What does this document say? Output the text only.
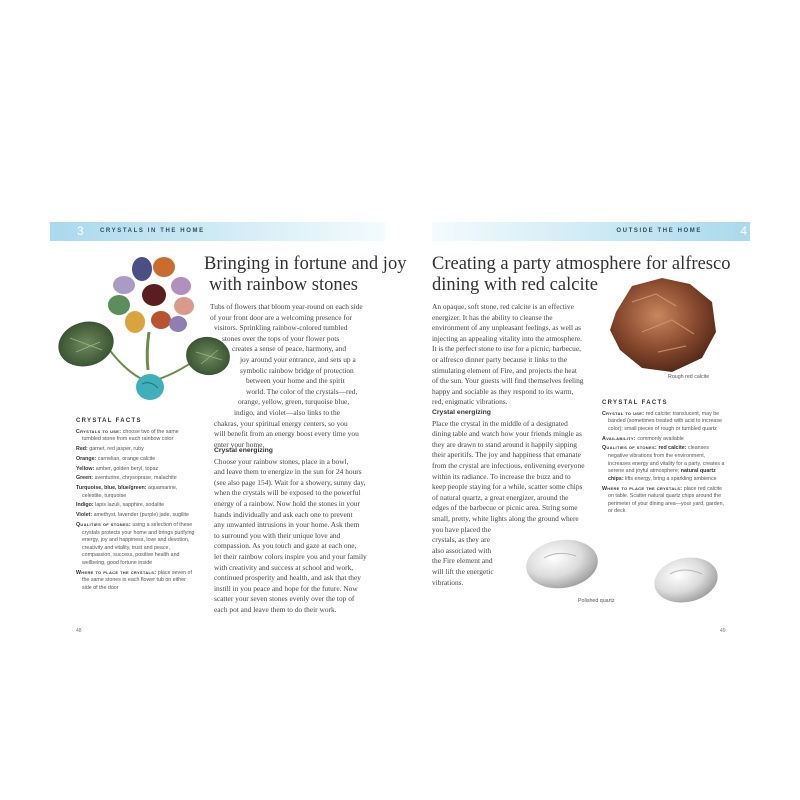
3	CRYSTALS IN THE HOME	OUTSIDE THE HOME	4
Bringing in fortune and joy
with rainbow stones
Tubs of flowers that bloom year-round on each side
of your front door are a welcoming presence for
visitors. Sprinkling rainbow-colored tumbled
stones over the tops of your flower pots
creates a sense of peace, harmony, and
joy around your entrance, and sets up a
symbolic rainbow bridge of protection
between your home and the spirit
world. The color of the crystals—red,
orange, yellow, green, turquoise blue,
indigo, and violet—also links to the
chakras, your spiritual energy centers, so you
will benefit from an energy boost every time you
enter your home.

Crystal energizing

Choose your rainbow stones, place in a bowl,
and leave them to energize in the sun for 24 hours
(see also page 154). Wait for a showery, sunny day,
when the crystals will be exposed to the powerful
energy of a rainbow. Now hold the stones in your
hands individually and ask each one to prevent
any unwanted intrusions in your home. Ask them
to surround you with their unique love and
compassion. As you touch and gaze at each one,
let their rainbow colors inspire you and your family
with creativity and success at school and work,
continued prosperity and health, and ask that they
instill in you peace and hope for the future. Now
scatter your seven stones evenly over the top of
each pot and leave them to do their work.
CRYSTAL FACTS

Crystals to use: choose two of the same tumbled stone from each rainbow color

Red: garnet, red jasper, ruby

Orange: carnelian, orange calcite

Yellow: amber, golden beryl, topaz

Green: aventurine, chrysoprase, malachite

Turquoise, blue, blue/green: aquamarine, celestite, turquoise

Indigo: lapis lazuli, sapphire, sodalite

Violet: amethyst, lavender (purple) jade, sugilite

Qualities of stones: using a selection of these crystals protects your home and brings purifying energy, joy and happiness, love and devotion, creativity and vitality, trust and peace, compassion, success, positive health and wellbeing, good fortune inside

Where to place the crystals: place seven of the same stones in each flower tub on either side of the door

48
Creating a party atmosphere for alfresco
dining with red calcite
An opaque, soft stone, red calcite is an effective
energizer. It has the ability to cleanse the
environment of any unpleasant feelings, as well as
injecting an appealing vitality into the atmosphere.
It is the perfect stone to use for a picnic, barbecue,
or alfresco dinner party because it links to the
stimulating element of Fire, and projects the heat
of the sun. Your guests will find themselves feeling
happy and sociable as they respond to its warm,
red, enigmatic vibrations.

Crystal energizing

Place the crystal in the middle of a designated
dining table and watch how your friends mingle as
they are drawn to stand around it happily sipping
their aperitifs. The joy and happiness that emanate
from the crystal are infectious, enlivening everyone
within its radiance. To increase the buzz and to
keep people staying for a while, scatter some chips
of natural quartz, a great energizer, around the
edges of the barbecue or picnic area. String some
small, pretty, white lights along the ground where
you have placed the
crystals, as they are
also associated with
the Fire element and
will lift the energetic
vibrations.
Rough red calcite
CRYSTAL FACTS

Crystal to use: red calcite: translucent, may be banded (sometimes treated with acid to increase color); small pieces of rough or tumbled quartz

Availability: commonly available

Qualities of stones: red calcite: cleanses negative vibrations from the environment, increases energy and vitality for a party, creates a serene and joyful atmosphere; natural quartz chips: lifts energy, bring a sparkling ambience

Where to place the crystals: place red calcite on table. Scatter natural quartz chips around the perimeter of your dining area—your yard, garden, or deck

Polished quartz
49
